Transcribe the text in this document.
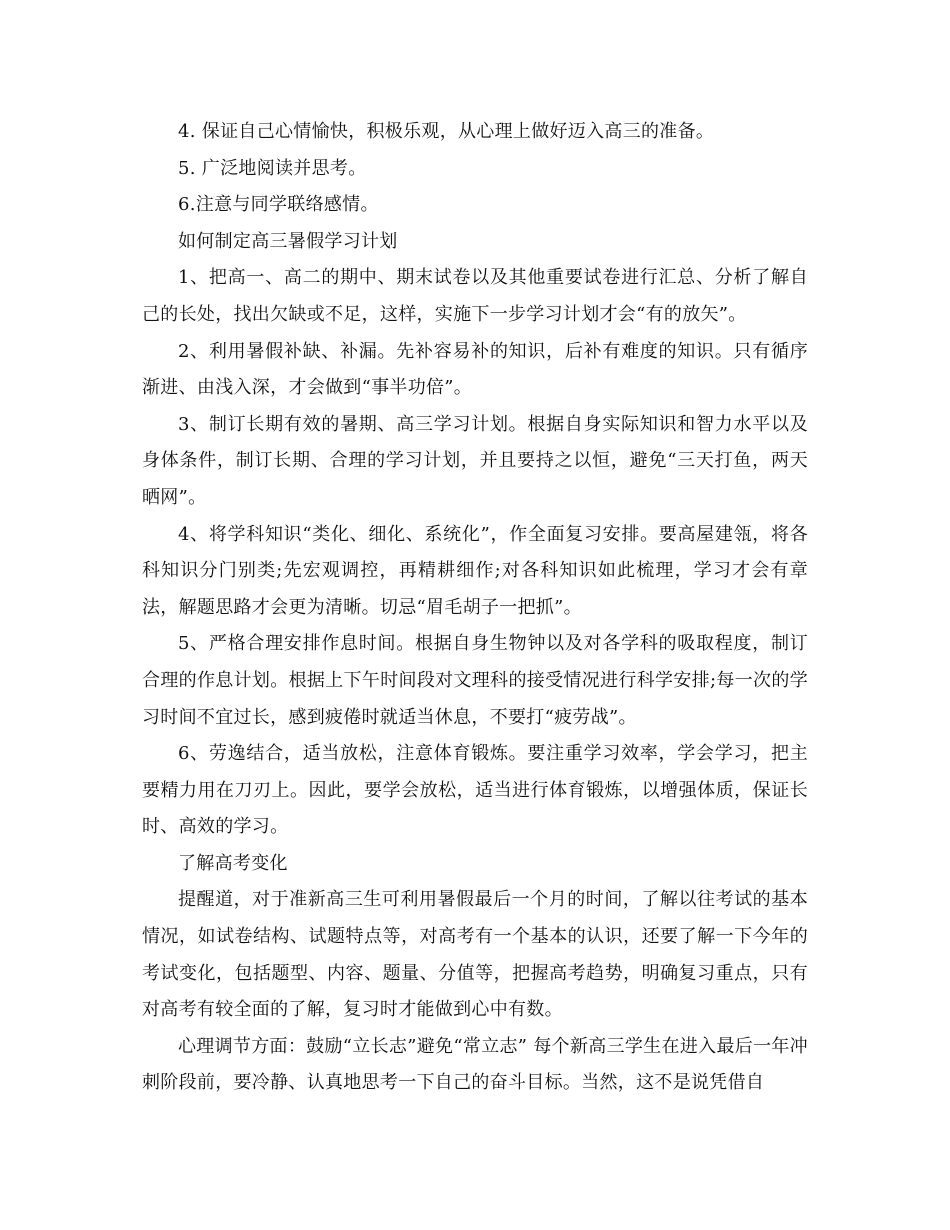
4. 保证自己心情愉快，积极乐观，从心理上做好迈入高三的准备。

5. 广泛地阅读并思考。

6.注意与同学联络感情。

如何制定高三暑假学习计划

1、把高一、高二的期中、期末试卷以及其他重要试卷进行汇总、分析了解自己的长处，找出欠缺或不足，这样，实施下一步学习计划才会“有的放矢”。

2、利用暑假补缺、补漏。先补容易补的知识，后补有难度的知识。只有循序渐进、由浅入深，才会做到“事半功倍”。

3、制订长期有效的暑期、高三学习计划。根据自身实际知识和智力水平以及身体条件，制订长期、合理的学习计划，并且要持之以恒，避免“三天打鱼，两天晒网”。

4、将学科知识“类化、细化、系统化”，作全面复习安排。要高屋建瓴，将各科知识分门别类;先宏观调控，再精耕细作;对各科知识如此梳理，学习才会有章法，解题思路才会更为清晰。切忌“眉毛胡子一把抓”。

5、严格合理安排作息时间。根据自身生物钟以及对各学科的吸取程度，制订合理的作息计划。根据上下午时间段对文理科的接受情况进行科学安排;每一次的学习时间不宜过长，感到疲倦时就适当休息，不要打“疲劳战”。

6、劳逸结合，适当放松，注意体育锻炼。要注重学习效率，学会学习，把主要精力用在刀刃上。因此，要学会放松，适当进行体育锻炼，以增强体质，保证长时、高效的学习。

了解高考变化

提醒道，对于准新高三生可利用暑假最后一个月的时间，了解以往考试的基本情况，如试卷结构、试题特点等，对高考有一个基本的认识，还要了解一下今年的考试变化，包括题型、内容、题量、分值等，把握高考趋势，明确复习重点，只有对高考有较全面的了解，复习时才能做到心中有数。

心理调节方面：鼓励“立长志”避免“常立志” 每个新高三学生在进入最后一年冲刺阶段前，要冷静、认真地思考一下自己的奋斗目标。当然，这不是说凭借自
